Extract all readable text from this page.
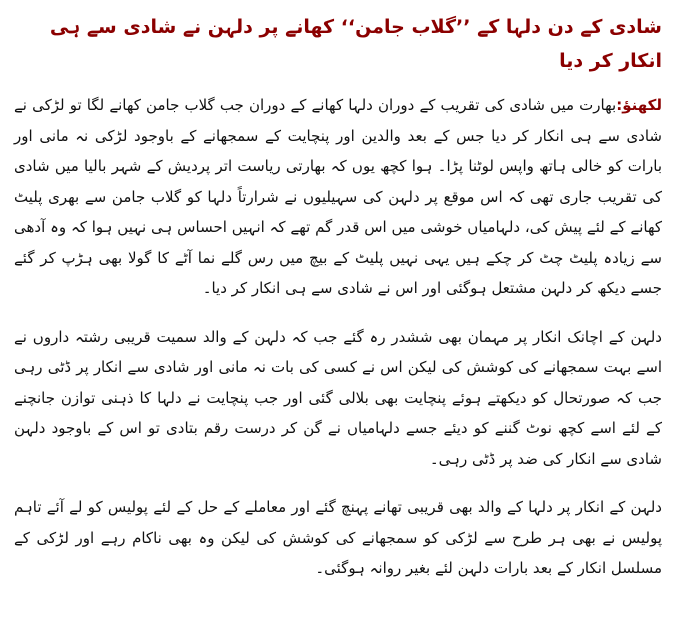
شادی کے دن دلہا کے ’’گلاب جامن‘‘ کھانے پر دلہن نے شادی سے ہی انکار کر دیا

لکھنؤ:بھارت میں شادی کی تقریب کے دوران دلہا کھانے کے دوران جب گلاب جامن کھانے لگا تو لڑکی نے شادی سے ہی انکار کر دیا جس کے بعد والدین اور پنچایت کے سمجھانے کے باوجود لڑکی نہ مانی اور بارات کو خالی ہاتھ واپس لوٹنا پڑا۔ ہوا کچھ یوں کہ بھارتی ریاست اتر پردیش کے شہر بالیا میں شادی کی تقریب جاری تھی کہ اس موقع پر دلہن کی سہیلیوں نے شرارتاً دلہا کو گلاب جامن سے بھری پلیٹ کھانے کے لئے پیش کی، دلہامیاں خوشی میں اس قدر گم تھے کہ انہیں احساس ہی نہیں ہوا کہ وہ آدھی سے زیادہ پلیٹ چٹ کر چکے ہیں یہی نہیں پلیٹ کے بیچ میں رس گلے نما آٹے کا گولا بھی ہڑپ کر گئے جسے دیکھ کر دلہن مشتعل ہوگئی اور اس نے شادی سے ہی انکار کر دیا۔

دلہن کے اچانک انکار پر مہمان بھی ششدر رہ گئے جب کہ دلہن کے والد سمیت قریبی رشتہ داروں نے اسے بہت سمجھانے کی کوشش کی لیکن اس نے کسی کی بات نہ مانی اور شادی سے انکار پر ڈٹی رہی جب کہ صورتحال کو دیکھتے ہوئے پنچایت بھی بلالی گئی اور جب پنچایت نے دلہا کا ذہنی توازن جانچنے کے لئے اسے کچھ نوٹ گننے کو دیئے جسے دلہامیاں نے گن کر درست رقم بتادی تو اس کے باوجود دلہن شادی سے انکار کی ضد پر ڈٹی رہی۔

دلہن کے انکار پر دلہا کے والد بھی قریبی تھانے پہنچ گئے اور معاملے کے حل کے لئے پولیس کو لے آئے تاہم پولیس نے بھی ہر طرح سے لڑکی کو سمجھانے کی کوشش کی لیکن وہ بھی ناکام رہے اور لڑکی کے مسلسل انکار کے بعد بارات دلہن لئے بغیر روانہ ہوگئی۔
